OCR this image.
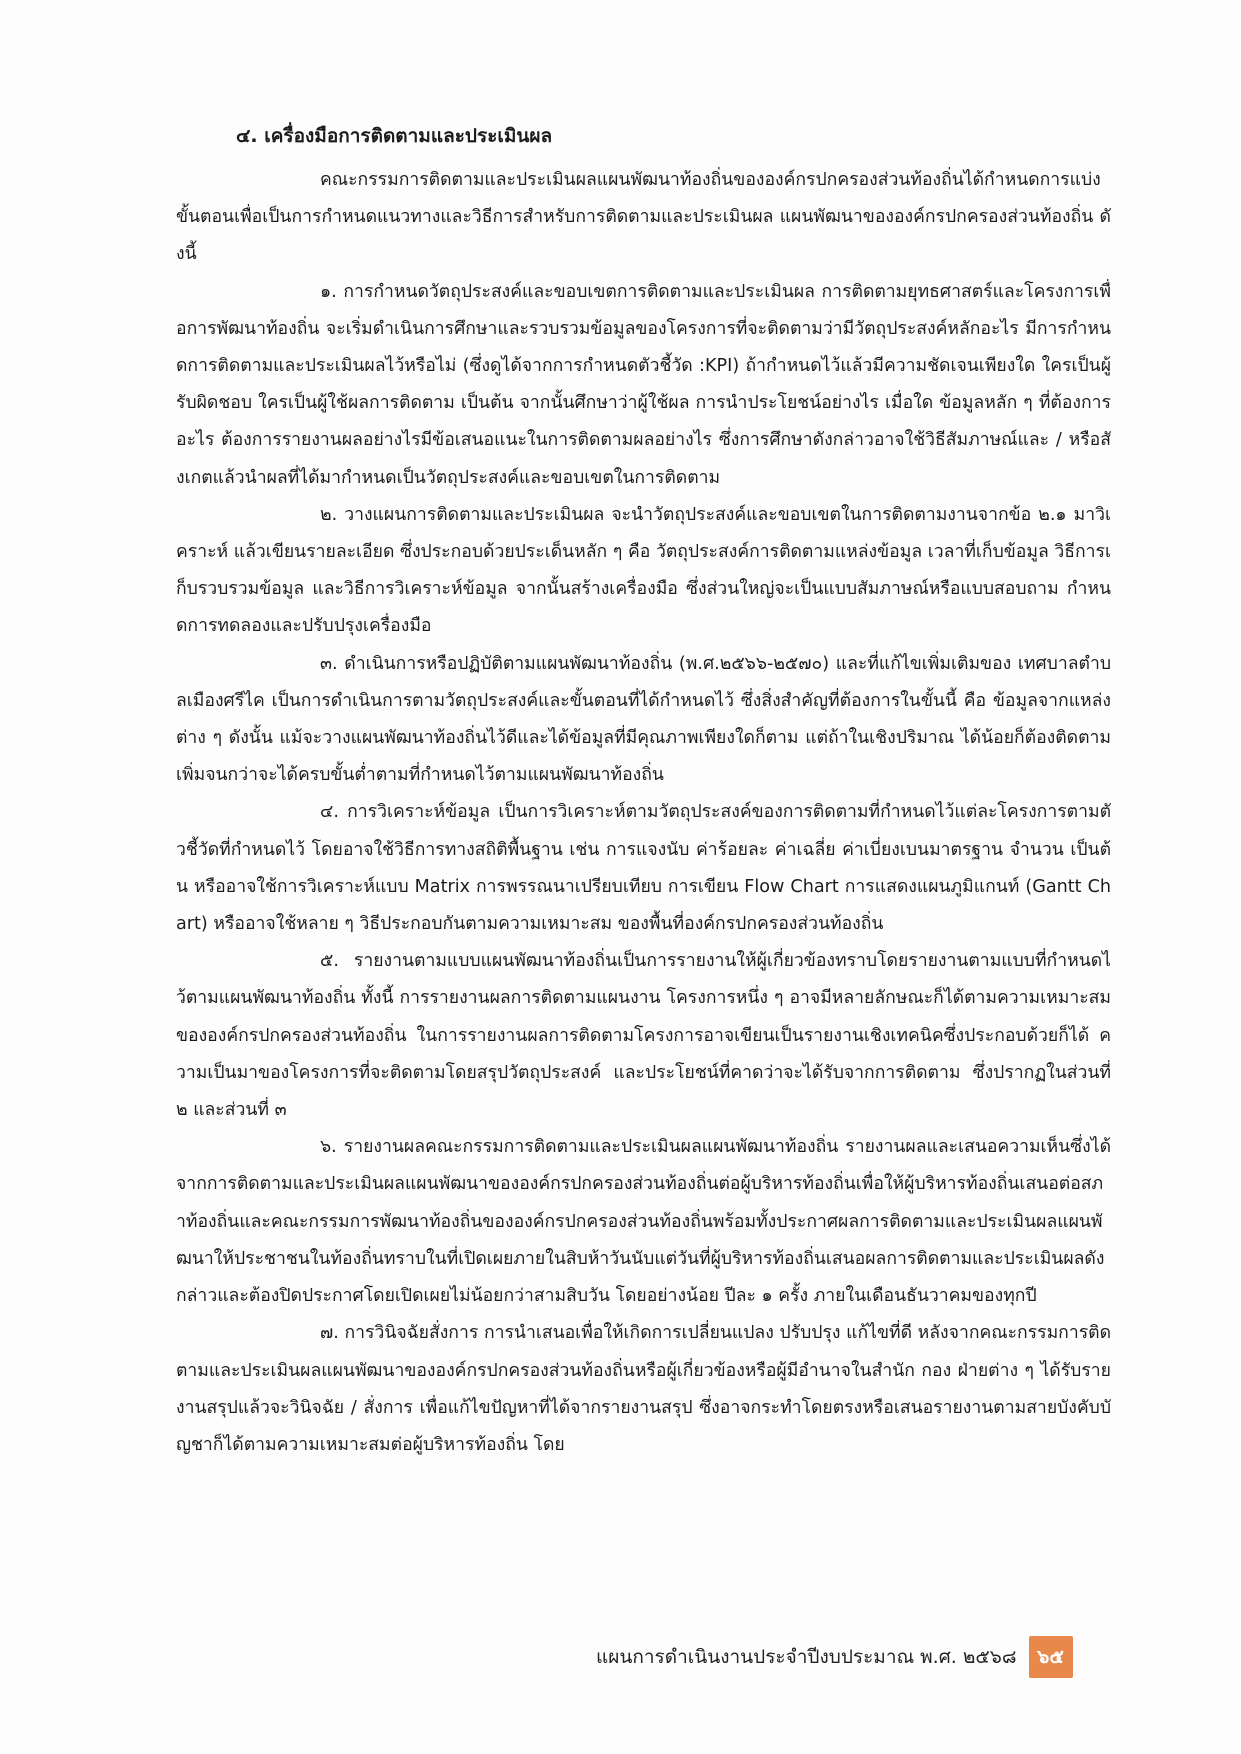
๔. เครื่องมือการติดตามและประเมินผล

คณะกรรมการติดตามและประเมินผลแผนพัฒนาท้องถิ่นขององค์กรปกครองส่วนท้องถิ่นได้กำหนดการแบ่งขั้นตอนเพื่อเป็นการกำหนดแนวทางและวิธีการสำหรับการติดตามและประเมินผล แผนพัฒนาขององค์กรปกครองส่วนท้องถิ่น ดังนี้

๑. การกำหนดวัตถุประสงค์และขอบเขตการติดตามและประเมินผล การติดตามยุทธศาสตร์และโครงการเพื่อการพัฒนาท้องถิ่น จะเริ่มดำเนินการศึกษาและรวบรวมข้อมูลของโครงการที่จะติดตามว่ามีวัตถุประสงค์หลักอะไร มีการกำหนดการติดตามและประเมินผลไว้หรือไม่ (ซึ่งดูได้จากการกำหนดตัวชี้วัด :KPI) ถ้ากำหนดไว้แล้วมีความชัดเจนเพียงใด ใครเป็นผู้รับผิดชอบ ใครเป็นผู้ใช้ผลการติดตาม เป็นต้น จากนั้นศึกษาว่าผู้ใช้ผล การนำประโยชน์อย่างไร เมื่อใด ข้อมูลหลัก ๆ ที่ต้องการอะไร ต้องการรายงานผลอย่างไรมีข้อเสนอแนะในการติดตามผลอย่างไร ซึ่งการศึกษาดังกล่าวอาจใช้วิธีสัมภาษณ์และ / หรือสังเกตแล้วนำผลที่ได้มากำหนดเป็นวัตถุประสงค์และขอบเขตในการติดตาม

๒. วางแผนการติดตามและประเมินผล จะนำวัตถุประสงค์และขอบเขตในการติดตามงานจากข้อ ๒.๑ มาวิเคราะห์ แล้วเขียนรายละเอียด ซึ่งประกอบด้วยประเด็นหลัก ๆ คือ วัตถุประสงค์การติดตามแหล่งข้อมูล เวลาที่เก็บข้อมูล วิธีการเก็บรวบรวมข้อมูล และวิธีการวิเคราะห์ข้อมูล จากนั้นสร้างเครื่องมือ ซึ่งส่วนใหญ่จะเป็นแบบสัมภาษณ์หรือแบบสอบถาม กำหนดการทดลองและปรับปรุงเครื่องมือ

๓. ดำเนินการหรือปฏิบัติตามแผนพัฒนาท้องถิ่น (พ.ศ.๒๕๖๖-๒๕๗๐) และที่แก้ไขเพิ่มเติมของ เทศบาลตำบลเมืองศรีไค เป็นการดำเนินการตามวัตถุประสงค์และขั้นตอนที่ได้กำหนดไว้ ซึ่งสิ่งสำคัญที่ต้องการในขั้นนี้ คือ ข้อมูลจากแหล่งต่าง ๆ ดังนั้น แม้จะวางแผนพัฒนาท้องถิ่นไว้ดีและได้ข้อมูลที่มีคุณภาพเพียงใดก็ตาม แต่ถ้าในเชิงปริมาณ ได้น้อยก็ต้องติดตามเพิ่มจนกว่าจะได้ครบขั้นต่ำตามที่กำหนดไว้ตามแผนพัฒนาท้องถิ่น

๔. การวิเคราะห์ข้อมูล เป็นการวิเคราะห์ตามวัตถุประสงค์ของการติดตามที่กำหนดไว้แต่ละโครงการตามตัวชี้วัดที่กำหนดไว้ โดยอาจใช้วิธีการทางสถิติพื้นฐาน เช่น การแจงนับ ค่าร้อยละ ค่าเฉลี่ย ค่าเบี่ยงเบนมาตรฐาน จำนวน เป็นต้น หรืออาจใช้การวิเคราะห์แบบ Matrix การพรรณนาเปรียบเทียบ การเขียน Flow Chart การแสดงแผนภูมิแกนท์ (Gantt Chart) หรืออาจใช้หลาย ๆ วิธีประกอบกันตามความเหมาะสม ของพื้นที่องค์กรปกครองส่วนท้องถิ่น

๕. รายงานตามแบบแผนพัฒนาท้องถิ่นเป็นการรายงานให้ผู้เกี่ยวข้องทราบโดยรายงานตามแบบที่กำหนดไว้ตามแผนพัฒนาท้องถิ่น ทั้งนี้ การรายงานผลการติดตามแผนงาน โครงการหนึ่ง ๆ อาจมีหลายลักษณะก็ได้ตามความเหมาะสมขององค์กรปกครองส่วนท้องถิ่น ในการรายงานผลการติดตามโครงการอาจเขียนเป็นรายงานเชิงเทคนิคซึ่งประกอบด้วยก็ได้ ความเป็นมาของโครงการที่จะติดตามโดยสรุปวัตถุประสงค์ และประโยชน์ที่คาดว่าจะได้รับจากการติดตาม ซึ่งปรากฏในส่วนที่ ๒ และส่วนที่ ๓

๖. รายงานผลคณะกรรมการติดตามและประเมินผลแผนพัฒนาท้องถิ่น รายงานผลและเสนอความเห็นซึ่งได้จากการติดตามและประเมินผลแผนพัฒนาขององค์กรปกครองส่วนท้องถิ่นต่อผู้บริหารท้องถิ่นเพื่อให้ผู้บริหารท้องถิ่นเสนอต่อสภาท้องถิ่นและคณะกรรมการพัฒนาท้องถิ่นขององค์กรปกครองส่วนท้องถิ่นพร้อมทั้งประกาศผลการติดตามและประเมินผลแผนพัฒนาให้ประชาชนในท้องถิ่นทราบในที่เปิดเผยภายในสิบห้าวันนับแต่วันที่ผู้บริหารท้องถิ่นเสนอผลการติดตามและประเมินผลดังกล่าวและต้องปิดประกาศโดยเปิดเผยไม่น้อยกว่าสามสิบวัน โดยอย่างน้อย ปีละ ๑ ครั้ง ภายในเดือนธันวาคมของทุกปี

๗. การวินิจฉัยสั่งการ การนำเสนอเพื่อให้เกิดการเปลี่ยนแปลง ปรับปรุง แก้ไขที่ดี หลังจากคณะกรรมการติดตามและประเมินผลแผนพัฒนาขององค์กรปกครองส่วนท้องถิ่นหรือผู้เกี่ยวข้องหรือผู้มีอำนาจในสำนัก กอง ฝ่ายต่าง ๆ ได้รับรายงานสรุปแล้วจะวินิจฉัย / สั่งการ เพื่อแก้ไขปัญหาที่ได้จากรายงานสรุป ซึ่งอาจกระทำโดยตรงหรือเสนอรายงานตามสายบังคับบัญชาก็ได้ตามความเหมาะสมต่อผู้บริหารท้องถิ่น โดย

แผนการดำเนินงานประจำปีงบประมาณ พ.ศ. ๒๕๖๘	๖๕
